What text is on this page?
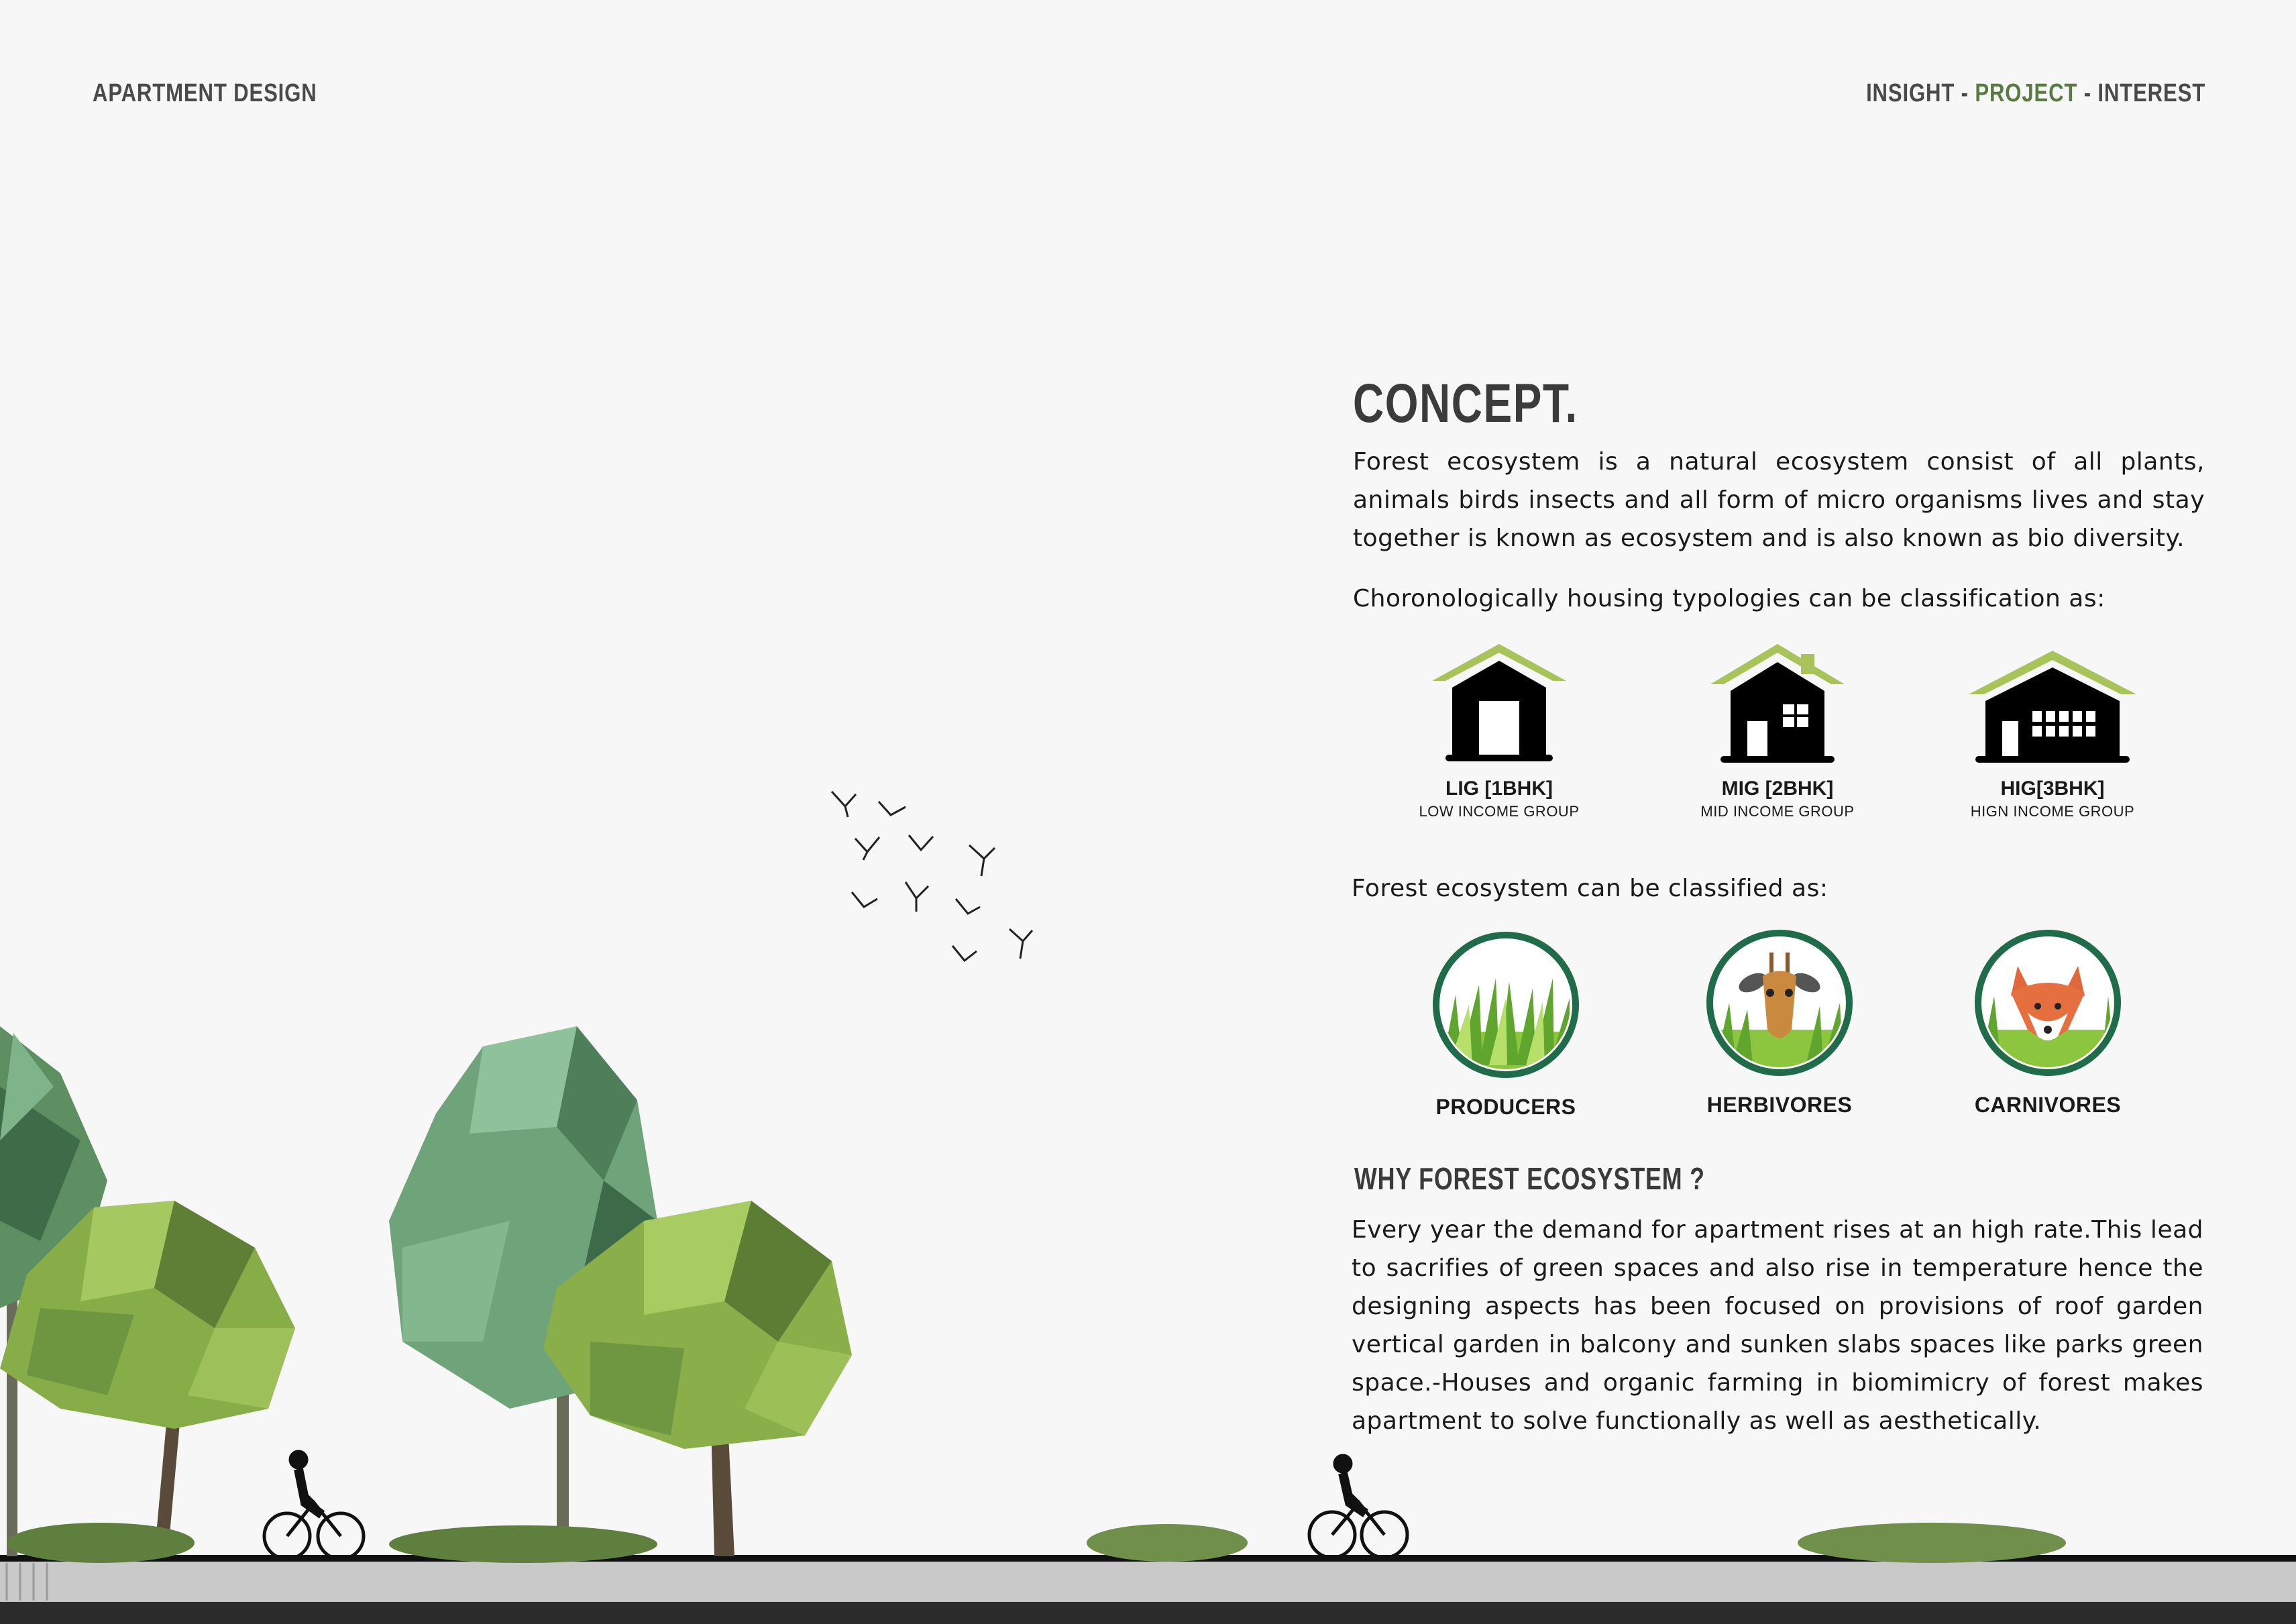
APARTMENT DESIGN	INSIGHT - PROJECT - INTEREST
CONCEPT.

Forest ecosystem is a natural ecosystem consist of all plants, animals birds insects and all form of micro organisms lives and stay together is known as ecosystem and is also known as bio diversity.

Choronologically housing typologies can be classification as:

LIG [1BHK]
LOW INCOME GROUP
MIG [2BHK]
MID INCOME GROUP
HIG[3BHK]
HIGN INCOME GROUP

Forest ecosystem can be classified as:

PRODUCERS	HERBIVORES	CARNIVORES
WHY FOREST ECOSYSTEM ?

Every year the demand for apartment rises at an high rate.This lead to sacrifies of green spaces and also rise in temperature hence the designing aspects has been focused on provisions of roof garden vertical garden in balcony and sunken slabs spaces like parks green space.-Houses and organic farming in biomimicry of forest makes apartment to solve functionally as well as aesthetically.
